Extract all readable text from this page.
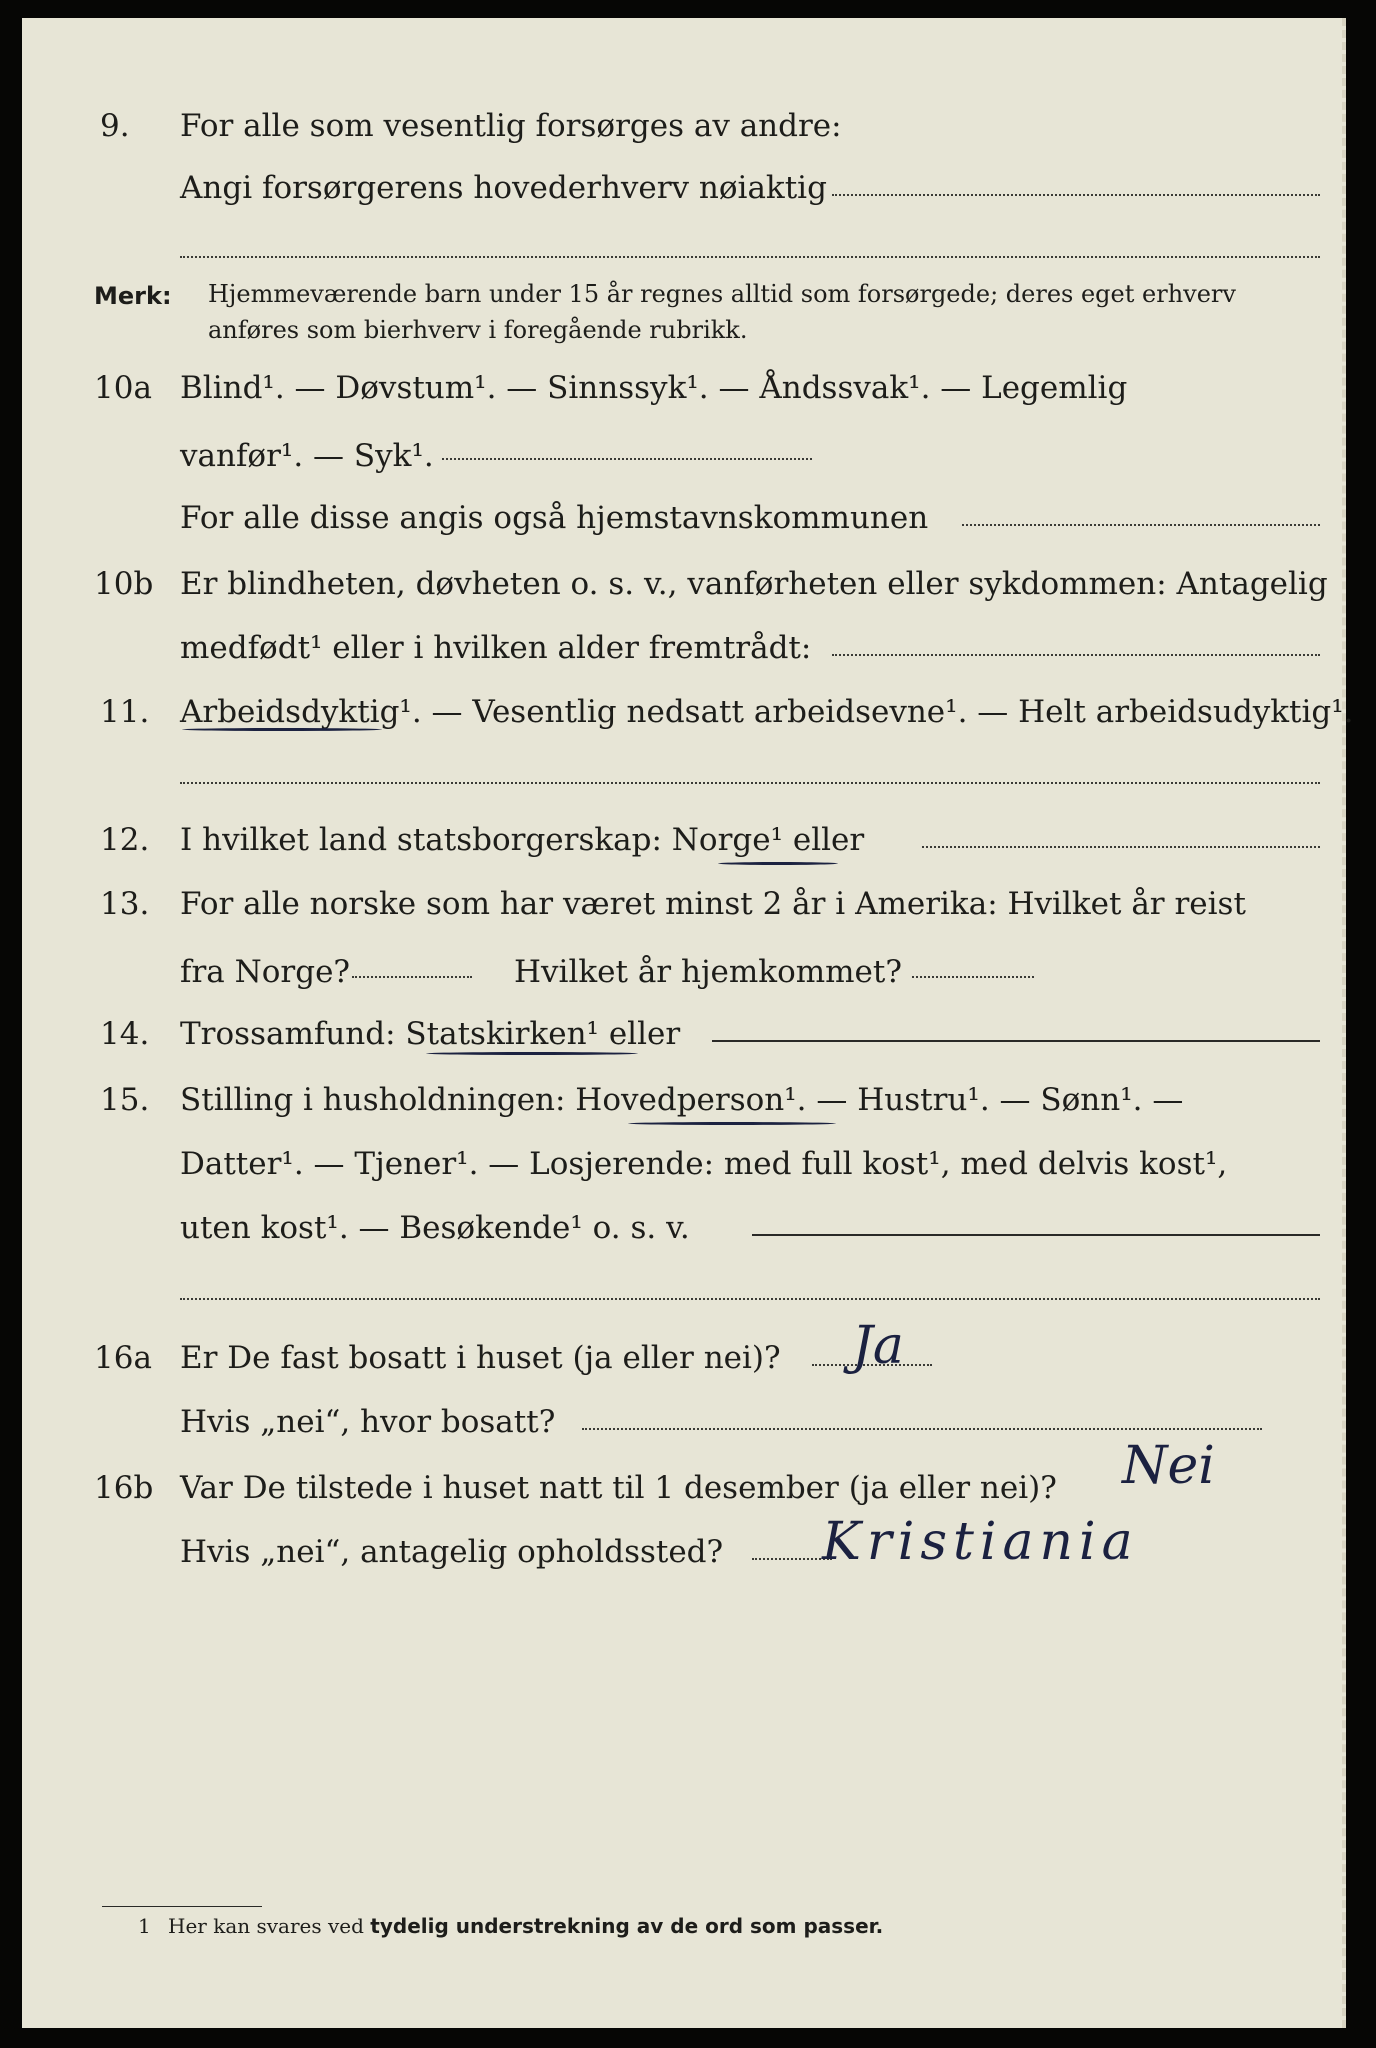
9. For alle som vesentlig forsørges av andre:
Angi forsørgerens hovederhverv nøiaktig
Merk: Hjemmeværende barn under 15 år regnes alltid som forsørgede; deres eget erhverv
anføres som bierhverv i foregående rubrikk.
10a Blind¹. — Døvstum¹. — Sinnssyk¹. — Åndssvak¹. — Legemlig
vanfør¹. — Syk¹.
For alle disse angis også hjemstavnskommunen
10b Er blindheten, døvheten o. s. v., vanførheten eller sykdommen: Antagelig
medfødt¹ eller i hvilken alder fremtrådt:
11. Arbeidsdyktig¹. — Vesentlig nedsatt arbeidsevne¹. — Helt arbeidsudyktig¹.
12. I hvilket land statsborgerskap: Norge¹ eller
13. For alle norske som har været minst 2 år i Amerika: Hvilket år reist
fra Norge?	Hvilket år hjemkommet?
14. Trossamfund: Statskirken¹ eller
15. Stilling i husholdningen: Hovedperson¹. — Hustru¹. — Sønn¹. —
Datter¹. — Tjener¹. — Losjerende: med full kost¹, med delvis kost¹,
uten kost¹. — Besøkende¹ o. s. v.
16a Er De fast bosatt i huset (ja eller nei)? Ja
Hvis „nei“, hvor bosatt?
16b Var De tilstede i huset natt til 1 desember (ja eller nei)? Nei
Hvis „nei“, antagelig opholdssted? Kristiania
1 Her kan svares ved tydelig understrekning av de ord som passer.
